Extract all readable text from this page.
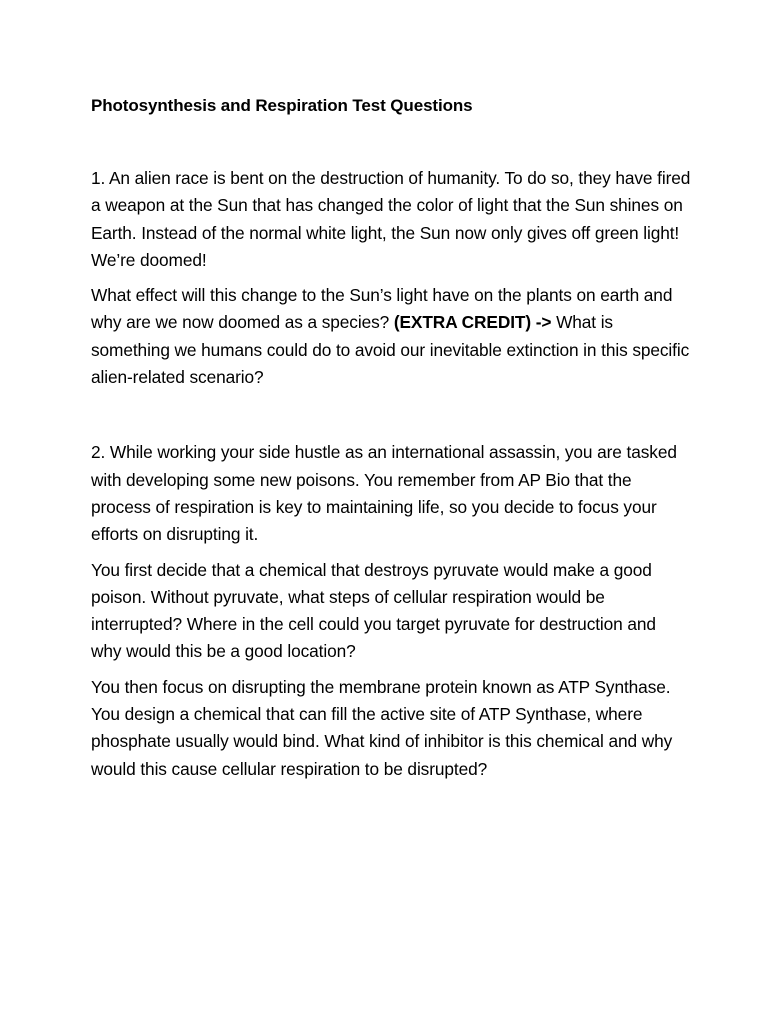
Photosynthesis and Respiration Test Questions

1. An alien race is bent on the destruction of humanity. To do so, they have fired a weapon at the Sun that has changed the color of light that the Sun shines on Earth. Instead of the normal white light, the Sun now only gives off green light! We’re doomed!

What effect will this change to the Sun’s light have on the plants on earth and why are we now doomed as a species? (EXTRA CREDIT) -> What is something we humans could do to avoid our inevitable extinction in this specific alien-related scenario?

2. While working your side hustle as an international assassin, you are tasked with developing some new poisons. You remember from AP Bio that the process of respiration is key to maintaining life, so you decide to focus your efforts on disrupting it.

You first decide that a chemical that destroys pyruvate would make a good poison. Without pyruvate, what steps of cellular respiration would be interrupted? Where in the cell could you target pyruvate for destruction and why would this be a good location?

You then focus on disrupting the membrane protein known as ATP Synthase. You design a chemical that can fill the active site of ATP Synthase, where phosphate usually would bind. What kind of inhibitor is this chemical and why would this cause cellular respiration to be disrupted?
